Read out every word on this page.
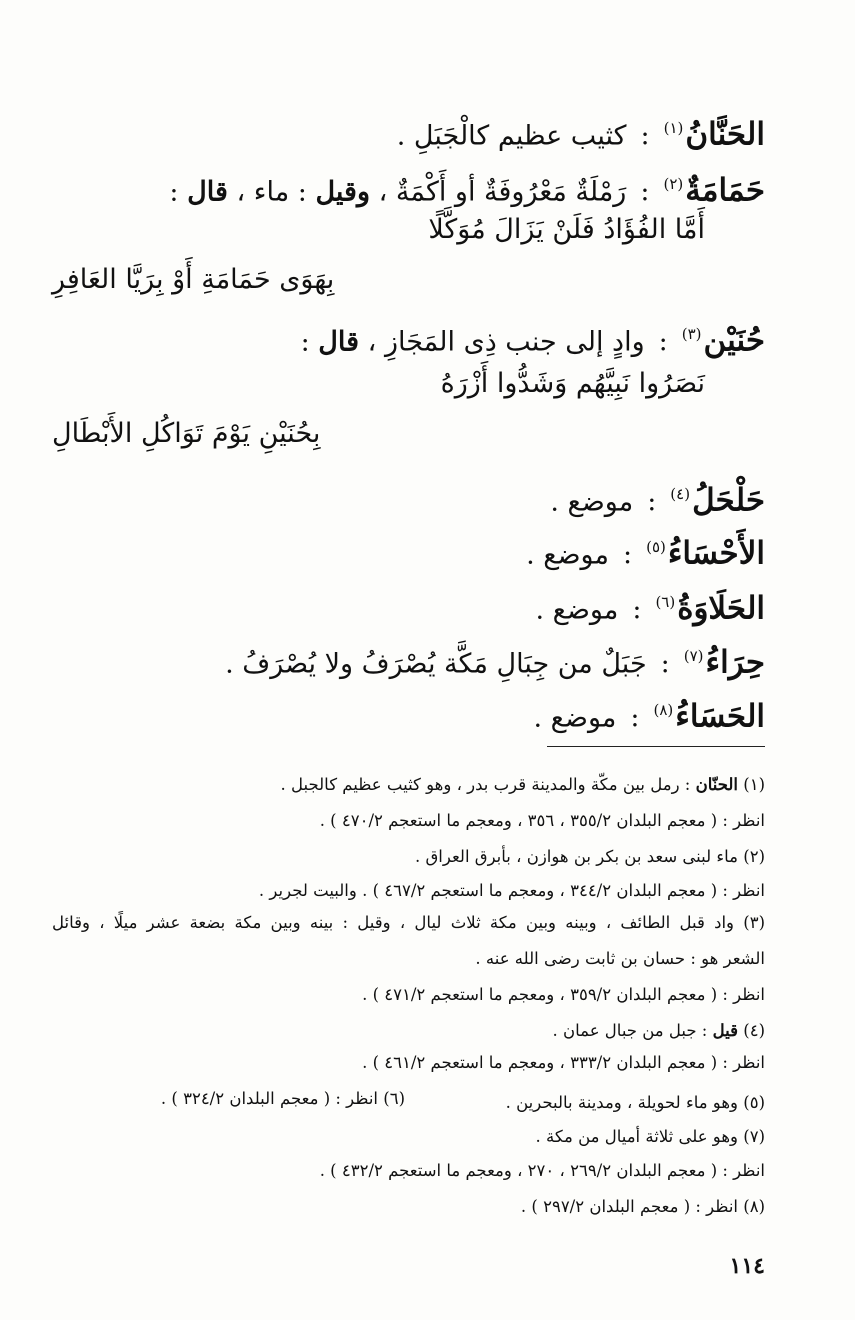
الحَنَّانُ$^{(١)}$:كثيب عظيم كالْجَبَلِ .
حَمَامَةٌ$^{(٢)}$:رَمْلَةٌ مَعْرُوفَةٌ أو أَكْمَةٌ ، وقيل : ماء ، قال :
أَمَّا الفُؤَادُ فَلَنْ يَزَالَ مُوَكَّلًا
بِهَوَى حَمَامَةِ أَوْ بِرَيَّا العَافِرِ
حُنَيْن$^{(٣)}$:وادٍ إلى جنب ذِى المَجَازِ ، قال :
نَصَرُوا نَبِيَّهُم وَشَدُّوا أَزْرَهُ
بِحُنَيْنِ يَوْمَ تَوَاكُلِ الأَبْطَالِ
حَلْحَلُ$^{(٤)}$:موضع .
الأَحْسَاءُ$^{(٥)}$:موضع .
الحَلَاوَةُ$^{(٦)}$:موضع .
حِرَاءُ$^{(٧)}$:جَبَلٌ من جِبَالِ مَكَّة يُصْرَفُ ولا يُصْرَفُ .
الحَسَاءُ$^{(٨)}$:موضع .
(١) الحنّان : رمل بين مكّة والمدينة قرب بدر ، وهو كثيب عظيم كالجبل .
انظر : ( معجم البلدان ٣٥٥/٢ ، ٣٥٦ ، ومعجم ما استعجم ٤٧٠/٢ ) .
(٢) ماء لبنى سعد بن بكر بن هوازن ، بأبرق العراق .
انظر : ( معجم البلدان ٣٤٤/٢ ، ومعجم ما استعجم ٤٦٧/٢ ) . والبيت لجرير .
(٣) واد قبل الطائف ، وبينه وبين مكة ثلاث ليال ، وقيل : بينه وبين مكة بضعة عشر ميلًا ، وقائل
الشعر هو : حسان بن ثابت رضى الله عنه .
انظر : ( معجم البلدان ٣٥٩/٢ ، ومعجم ما استعجم ٤٧١/٢ ) .
(٤) قيل : جبل من جبال عمان .
انظر : ( معجم البلدان ٣٣٣/٢ ، ومعجم ما استعجم ٤٦١/٢ ) .
(٥) وهو ماء لحويلة ، ومدينة بالبحرين .
(٦) انظر : ( معجم البلدان ٣٢٤/٢ ) .
(٧) وهو على ثلاثة أميال من مكة .
انظر : ( معجم البلدان ٢٦٩/٢ ، ٢٧٠ ، ومعجم ما استعجم ٤٣٢/٢ ) .
(٨) انظر : ( معجم البلدان ٢٩٧/٢ ) .
١١٤
